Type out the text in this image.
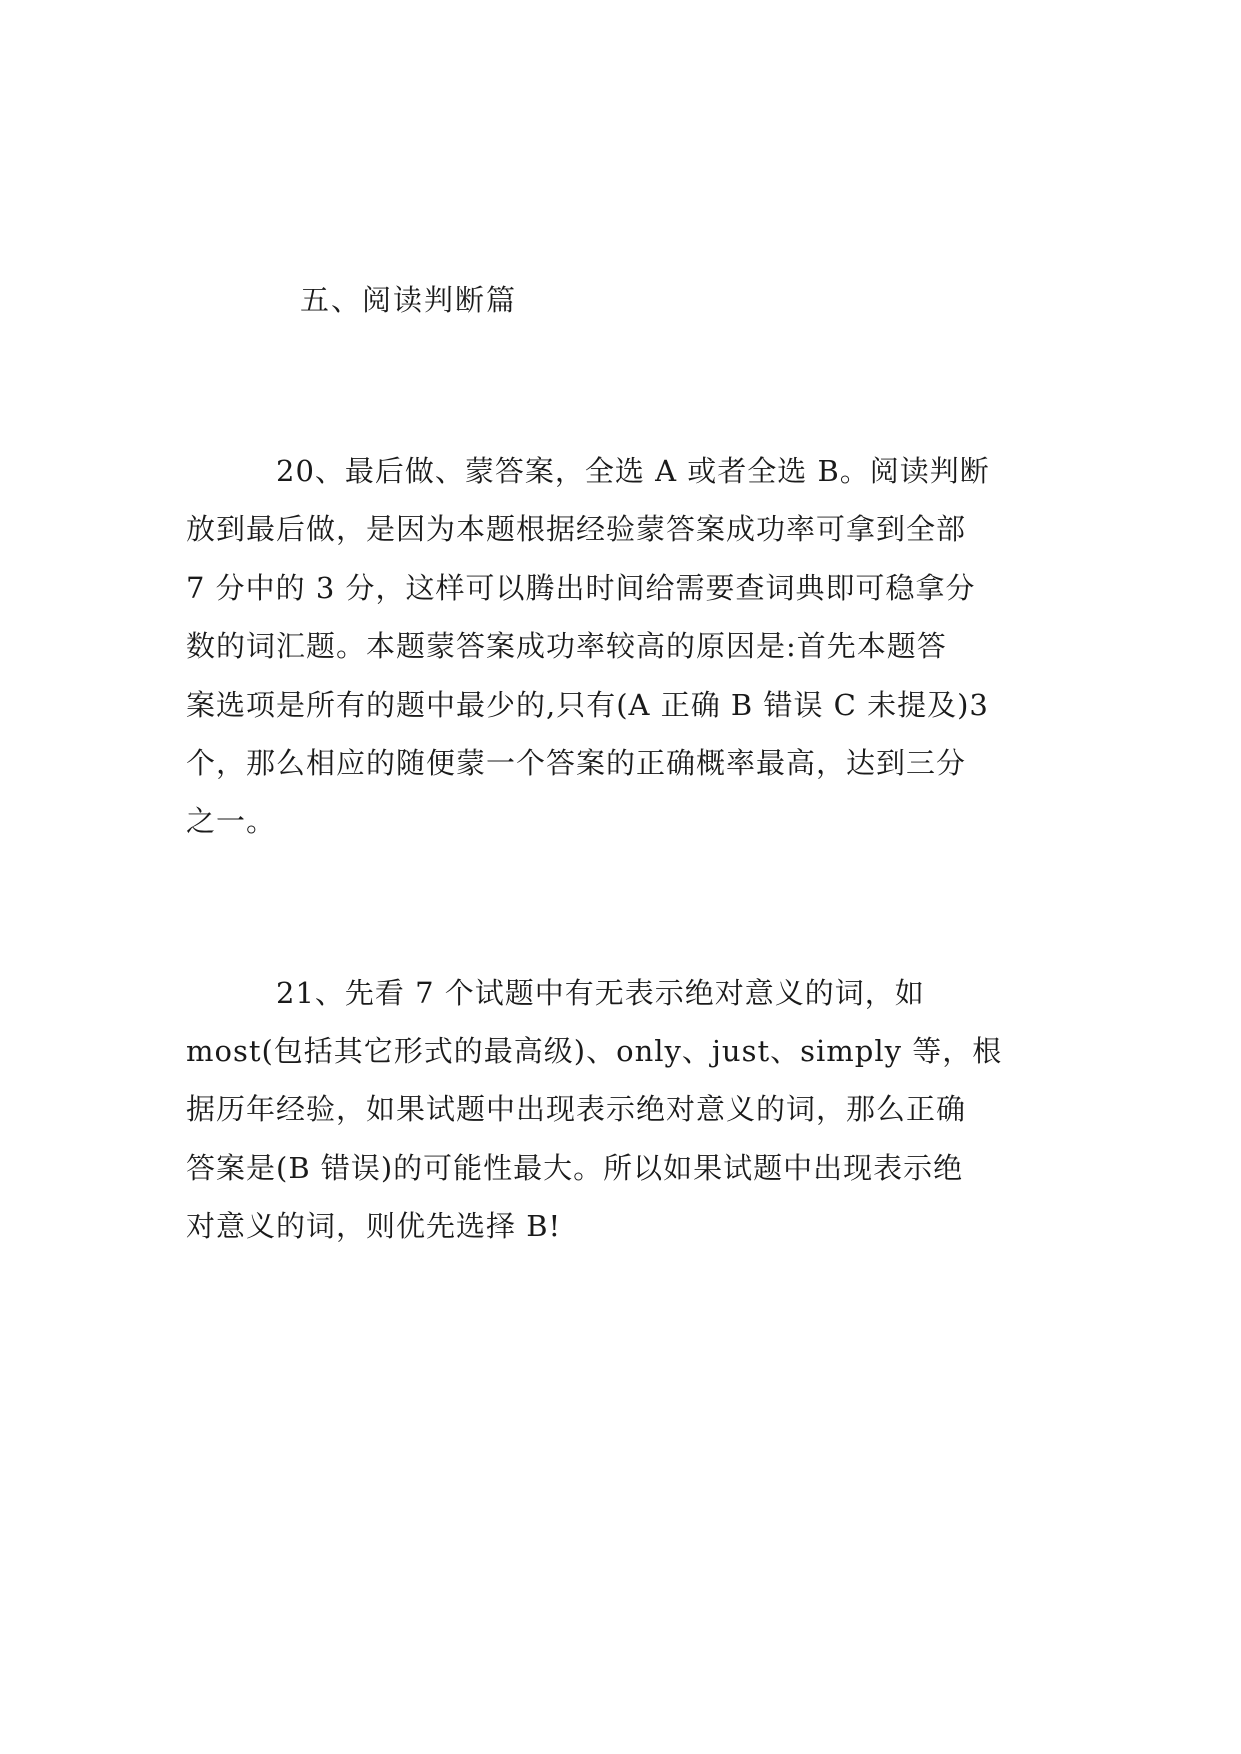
五、阅读判断篇

　　　20、最后做、蒙答案，全选 A 或者全选 B。阅读判断

放到最后做，是因为本题根据经验蒙答案成功率可拿到全部

7 分中的 3 分，这样可以腾出时间给需要查词典即可稳拿分

数的词汇题。本题蒙答案成功率较高的原因是:首先本题答

案选项是所有的题中最少的,只有(A 正确 B 错误 C 未提及)3

个，那么相应的随便蒙一个答案的正确概率最高，达到三分

之一。

　　　21、先看 7 个试题中有无表示绝对意义的词，如

most(包括其它形式的最高级)、only、just、simply 等，根

据历年经验，如果试题中出现表示绝对意义的词，那么正确

答案是(B 错误)的可能性最大。所以如果试题中出现表示绝

对意义的词，则优先选择 B!
